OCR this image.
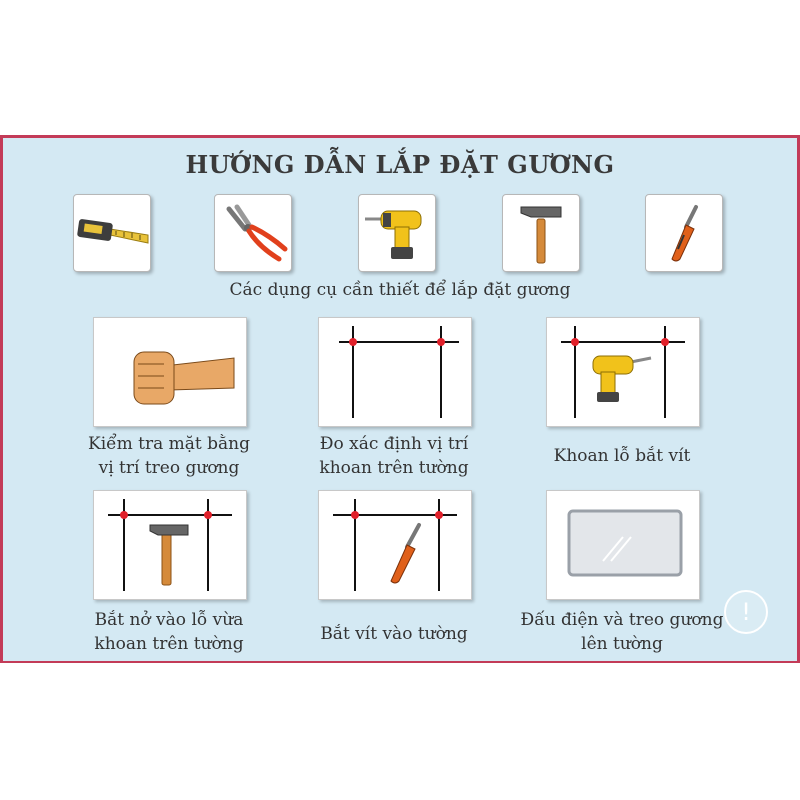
HƯỚNG DẪN LẮP ĐẶT GƯƠNG
Các dụng cụ cần thiết để lắp đặt gương
Kiểm tra mặt bằng
vị trí treo gương
Đo xác định vị trí
khoan trên tường
Khoan lỗ bắt vít
Bắt nở vào lỗ vừa
khoan trên tường	Bắt vít vào tường
Đấu điện và treo gương
lên tường
!
